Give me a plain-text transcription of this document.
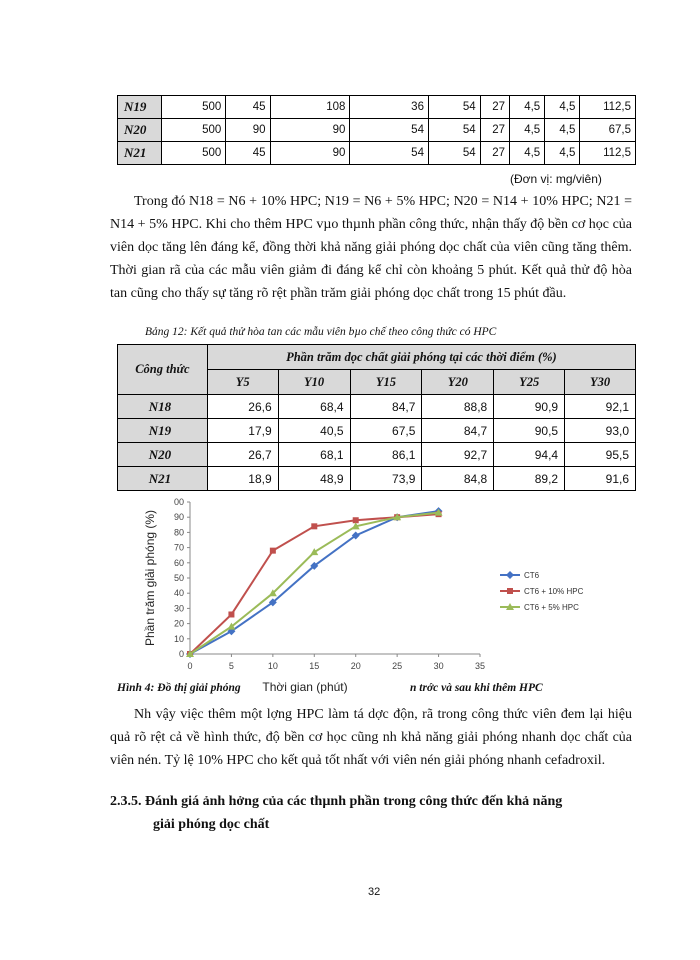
N19	500	45	108	36	54	27	4,5	4,5	112,5
N20	500	90	90	54	54	27	4,5	4,5	67,5
N21	500	45	90	54	54	27	4,5	4,5	112,5
(Đơn vị: mg/viên)
Trong đó N18 = N6 + 10% HPC; N19 = N6 + 5% HPC; N20 = N14 + 10% HPC; N21 = N14 + 5% HPC. Khi cho thêm HPC vµo thµnh phần công thức, nhận thấy độ bền cơ học của viên dọc tăng lên đáng kể, đồng thời khả năng giải phóng dọc chất của viên cũng tăng thêm. Thời gian rã của các mẫu viên giảm đi đáng kể chỉ còn khoảng 5 phút. Kết quả thử độ hòa tan cũng cho thấy sự tăng rõ rệt phần trăm giải phóng dọc chất trong 15 phút đầu.
Bảng 12: Kết quả thử hòa tan các mẫu viên bµo chế theo công thức có HPC
Công thức	Phần trăm dọc chất giải phóng tại các thời điểm (%)					
	Y5	Y10	Y15	Y20	Y25	Y30
N18	26,6	68,4	84,7	88,8	90,9	92,1
N19	17,9	40,5	67,5	84,7	90,5	93,0
N20	26,7	68,1	86,1	92,7	94,4	95,5
N21	18,9	48,9	73,9	84,8	89,2	91,6
0
10
20
30
40
50
60
70
80
90
00
0	5	10	15	20	25	30	35
Phần trăm giải phóng (%)
Thời gian (phút)
CT6
CT6 + 10% HPC
CT6 + 5% HPC
Hình 4: Đồ thị giải phóng	n trớc và sau khi thêm HPC
Nh vậy việc thêm một lợng HPC làm tá dợc độn, rã trong công thức viên đem lại hiệu quả rõ rệt cả về hình thức, độ bền cơ học cũng nh khả năng giải phóng nhanh dọc chất của viên nén. Tỷ lệ 10% HPC cho kết quả tốt nhất với viên nén giải phóng nhanh cefadroxil.
2.3.5. Đánh giá ảnh hởng của các thµnh phần trong công thức đến khả năng
giải phóng dọc chất
32
